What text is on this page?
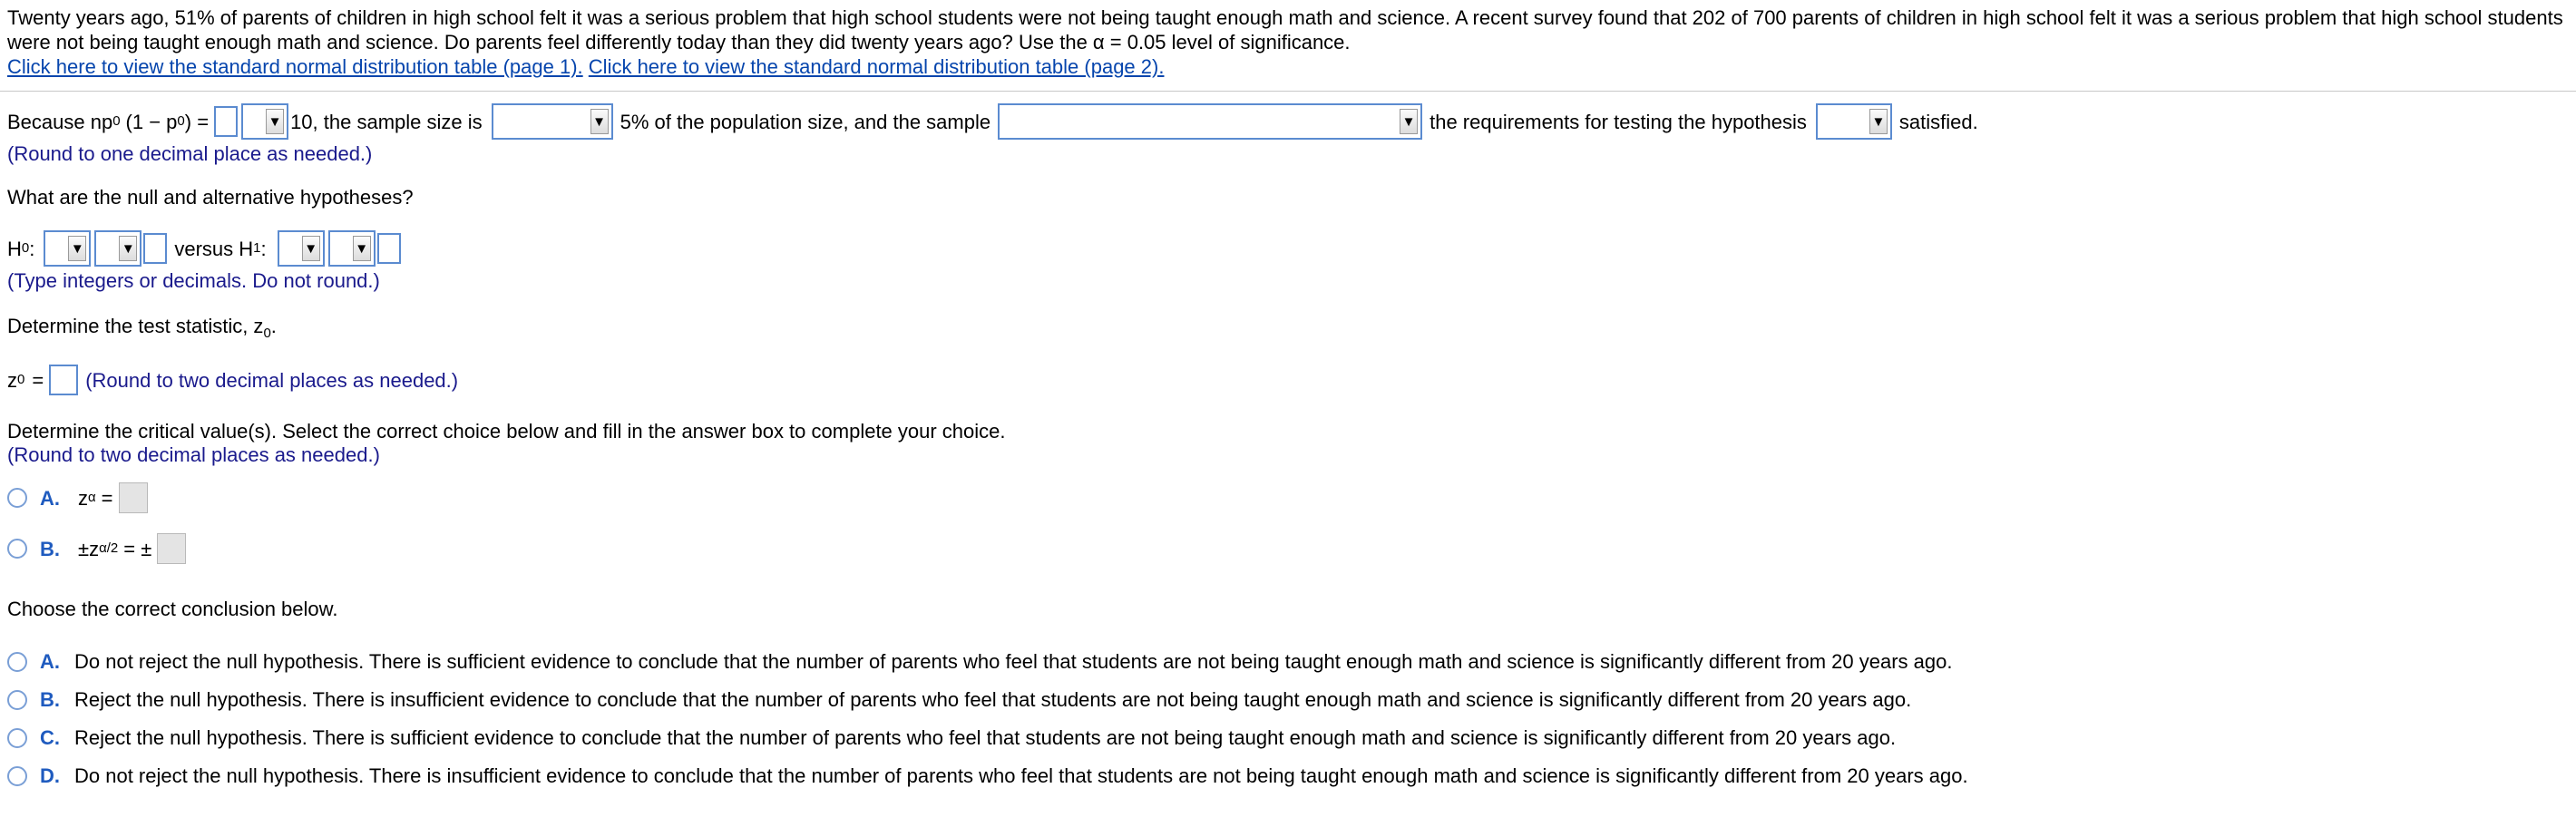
Twenty years ago, 51% of parents of children in high school felt it was a serious problem that high school students were not being taught enough math and science. A recent survey found that 202 of 700 parents of children in high school felt it was a serious problem that high school students were not being taught enough math and science. Do parents feel differently today than they did twenty years ago? Use the α = 0.05 level of significance.
Click here to view the standard normal distribution table (page 1). Click here to view the standard normal distribution table (page 2).
Because np 0 (1 − p 0 ) =	▼ 10, the sample size is	▼ 5% of the population size, and the sample	▼ the requirements for testing the hypothesis	▼ satisfied.
(Round to one decimal place as needed.)
What are the null and alternative hypotheses?
H 0 :	▼	▼ versus H 1 :	▼	▼
(Type integers or decimals. Do not round.)
Determine the test statistic, $z_0$.
z 0 = (Round to two decimal places as needed.)
Determine the critical value(s). Select the correct choice below and fill in the answer box to complete your choice.
(Round to two decimal places as needed.)
A. z α =
B. ±z α/2 = ±
Choose the correct conclusion below.
A. Do not reject the null hypothesis. There is sufficient evidence to conclude that the number of parents who feel that students are not being taught enough math and science is significantly different from 20 years ago.
B. Reject the null hypothesis. There is insufficient evidence to conclude that the number of parents who feel that students are not being taught enough math and science is significantly different from 20 years ago.
C. Reject the null hypothesis. There is sufficient evidence to conclude that the number of parents who feel that students are not being taught enough math and science is significantly different from 20 years ago.
D. Do not reject the null hypothesis. There is insufficient evidence to conclude that the number of parents who feel that students are not being taught enough math and science is significantly different from 20 years ago.
